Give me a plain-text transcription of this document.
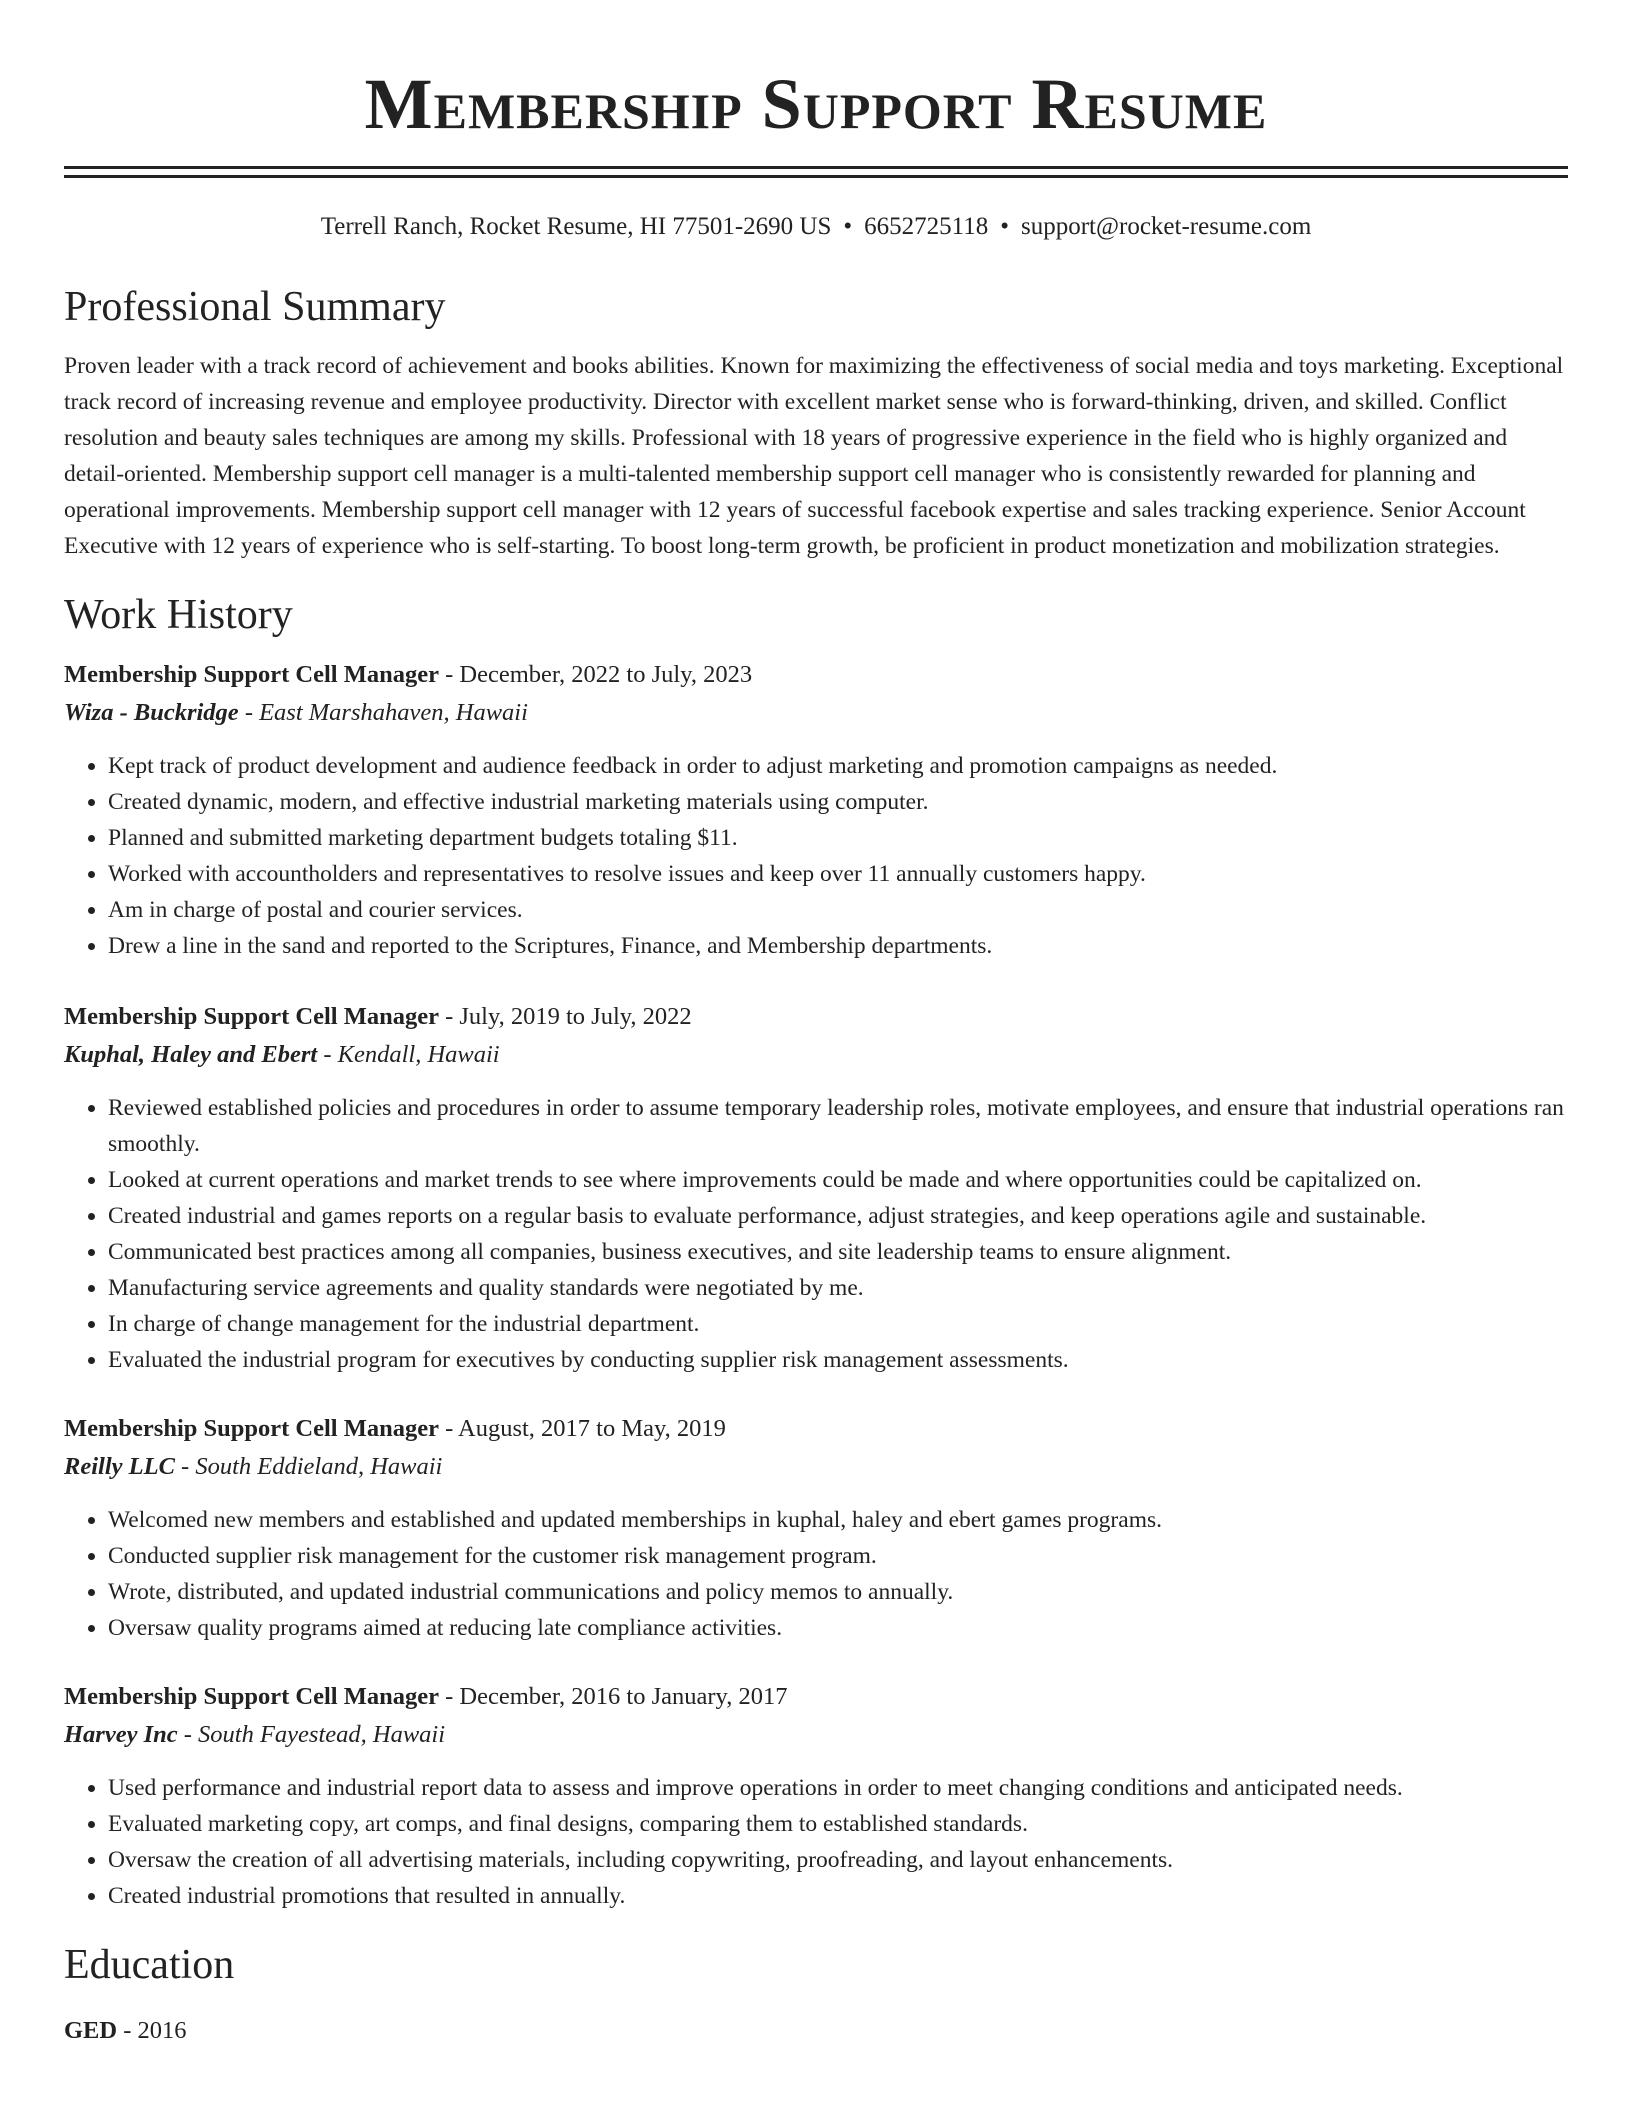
Membership Support Resume
Terrell Ranch, Rocket Resume, HI 77501-2690 US • 6652725118 • support@rocket-resume.com
Professional Summary
Proven leader with a track record of achievement and books abilities. Known for maximizing the effectiveness of social media and toys marketing. Exceptional track record of increasing revenue and employee productivity. Director with excellent market sense who is forward-thinking, driven, and skilled. Conflict resolution and beauty sales techniques are among my skills. Professional with 18 years of progressive experience in the field who is highly organized and detail-oriented. Membership support cell manager is a multi-talented membership support cell manager who is consistently rewarded for planning and operational improvements. Membership support cell manager with 12 years of successful facebook expertise and sales tracking experience. Senior Account Executive with 12 years of experience who is self-starting. To boost long-term growth, be proficient in product monetization and mobilization strategies.
Work History
Membership Support Cell Manager - December, 2022 to July, 2023
Wiza - Buckridge - East Marshahaven, Hawaii
• Kept track of product development and audience feedback in order to adjust marketing and promotion campaigns as needed.
• Created dynamic, modern, and effective industrial marketing materials using computer.
• Planned and submitted marketing department budgets totaling $11.
• Worked with accountholders and representatives to resolve issues and keep over 11 annually customers happy.
• Am in charge of postal and courier services.
• Drew a line in the sand and reported to the Scriptures, Finance, and Membership departments.
Membership Support Cell Manager - July, 2019 to July, 2022
Kuphal, Haley and Ebert - Kendall, Hawaii
• Reviewed established policies and procedures in order to assume temporary leadership roles, motivate employees, and ensure that industrial operations ran smoothly.
• Looked at current operations and market trends to see where improvements could be made and where opportunities could be capitalized on.
• Created industrial and games reports on a regular basis to evaluate performance, adjust strategies, and keep operations agile and sustainable.
• Communicated best practices among all companies, business executives, and site leadership teams to ensure alignment.
• Manufacturing service agreements and quality standards were negotiated by me.
• In charge of change management for the industrial department.
• Evaluated the industrial program for executives by conducting supplier risk management assessments.
Membership Support Cell Manager - August, 2017 to May, 2019
Reilly LLC - South Eddieland, Hawaii
• Welcomed new members and established and updated memberships in kuphal, haley and ebert games programs.
• Conducted supplier risk management for the customer risk management program.
• Wrote, distributed, and updated industrial communications and policy memos to annually.
• Oversaw quality programs aimed at reducing late compliance activities.
Membership Support Cell Manager - December, 2016 to January, 2017
Harvey Inc - South Fayestead, Hawaii
• Used performance and industrial report data to assess and improve operations in order to meet changing conditions and anticipated needs.
• Evaluated marketing copy, art comps, and final designs, comparing them to established standards.
• Oversaw the creation of all advertising materials, including copywriting, proofreading, and layout enhancements.
• Created industrial promotions that resulted in annually.
Education
GED - 2016
